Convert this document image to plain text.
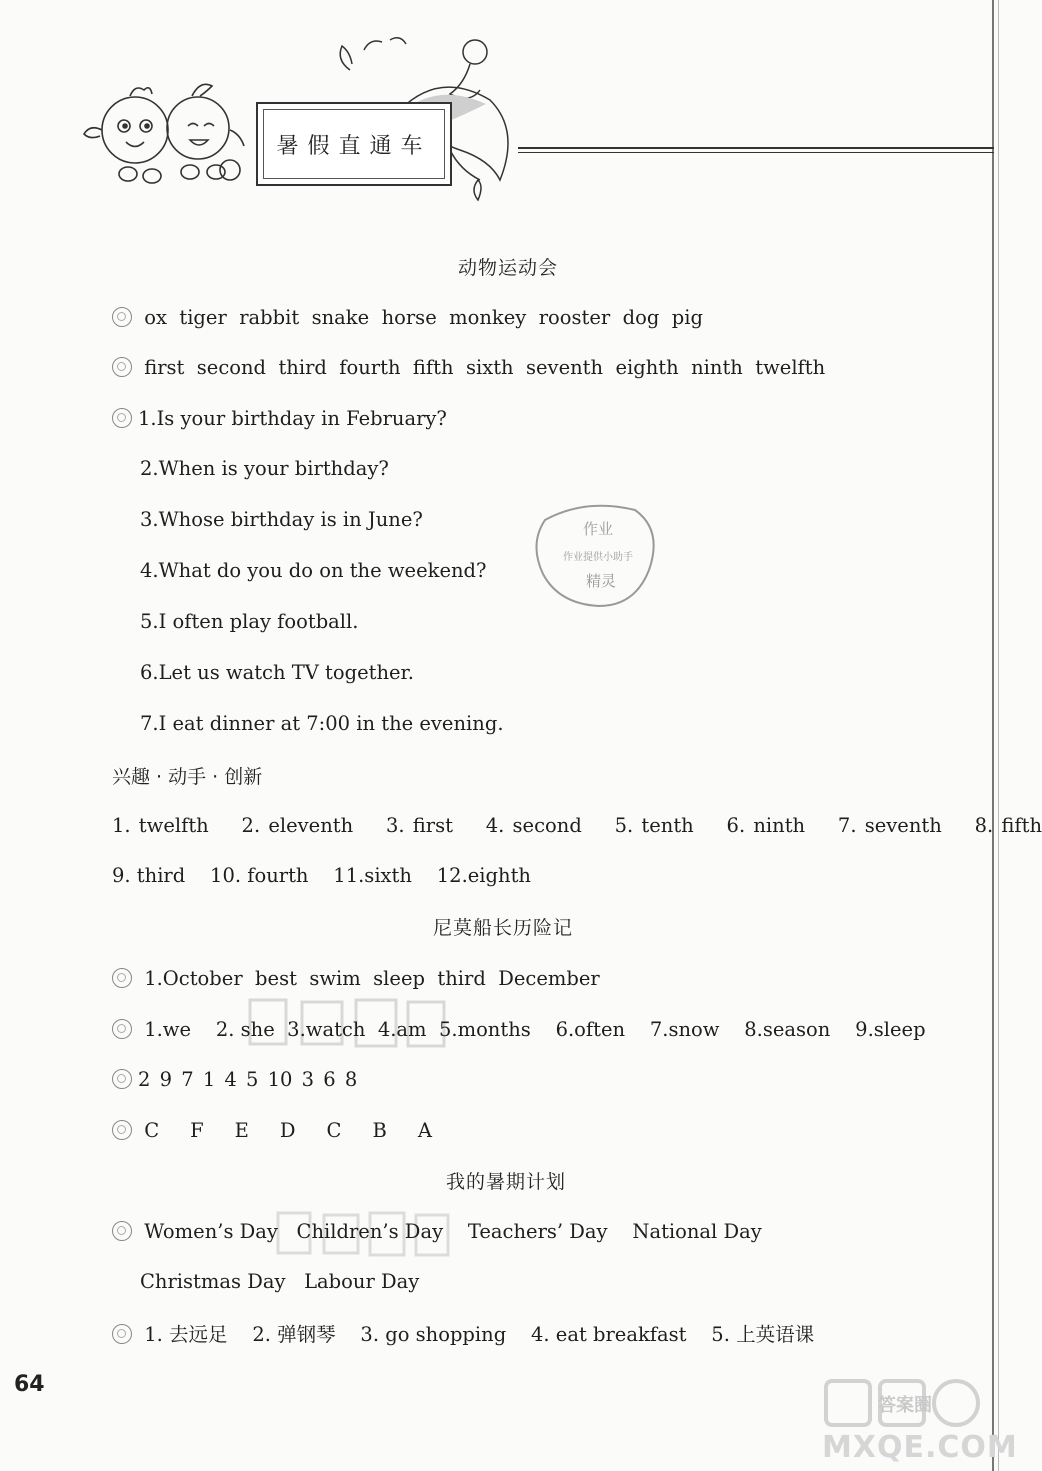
暑假直通车
动物运动会
ox tiger rabbit snake horse monkey rooster dog pig
first second third fourth fifth sixth seventh eighth ninth twelfth
1.Is your birthday in February?
2.When is your birthday?
3.Whose birthday is in June?
4.What do you do on the weekend?
5.I often play football.
6.Let us watch TV together.
7.I eat dinner at 7:00 in the evening.
作业
作业提供小助手
精灵
兴趣 · 动手 · 创新
1. twelfth 2. eleventh 3. first 4. second 5. tenth 6. ninth 7. seventh 8. fifth
9. third 10. fourth 11.sixth 12.eighth
尼莫船长历险记
1.October best swim sleep third December
1.we 2. she 3.watch 4.am 5.months 6.often 7.snow 8.season 9.sleep
2 9 7 1 4 5 10 3 6 8
C F E D C B A
我的暑期计划
Women’s Day Children’s Day Teachers’ Day National Day
Christmas Day Labour Day
1. 去远足 2. 弹钢琴 3. go shopping 4. eat breakfast 5. 上英语课
64
答案圈
MXQE.COM
